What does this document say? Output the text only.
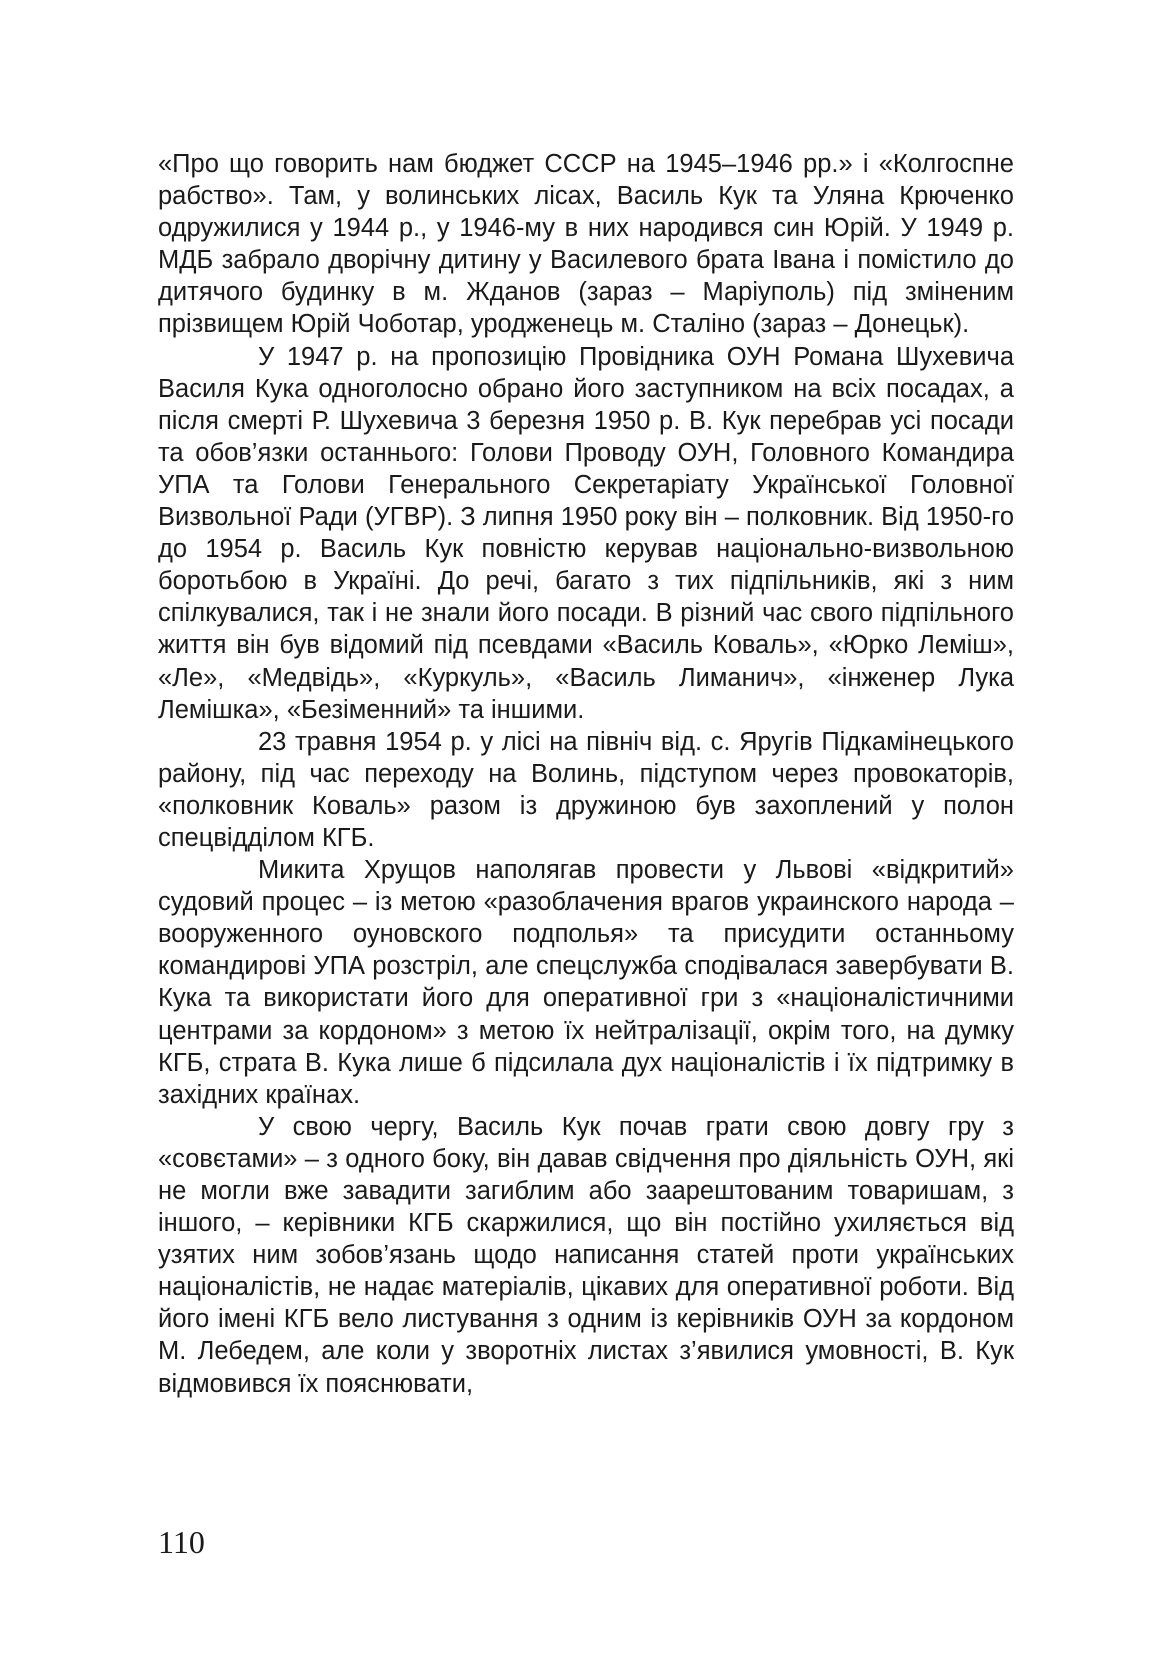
«Про що говорить нам бюджет СССР на 1945–1946 рр.» і «Колгоспне рабство». Там, у волинських лісах, Василь Кук та Уляна Крюченко одружилися у 1944 р., у 1946-му в них народився син Юрій. У 1949 р. МДБ забрало дворічну дитину у Василевого брата Івана і помістило до дитячого будинку в м. Жданов (зараз – Маріуполь) під зміненим прізвищем Юрій Чоботар, уродженець м. Сталіно (зараз – Донецьк).

У 1947 р. на пропозицію Провідника ОУН Романа Шухевича Василя Кука одноголосно обрано його заступником на всіх посадах, а після смерті Р. Шухевича 3 березня 1950 р. В. Кук перебрав усі посади та обов’язки останнього: Голови Проводу ОУН, Головного Командира УПА та Голови Генерального Секретаріату Української Головної Визвольної Ради (УГВР). З липня 1950 року він – полковник. Від 1950-го до 1954 р. Василь Кук повністю керував національно-визвольною боротьбою в Україні. До речі, багато з тих підпільників, які з ним спілкувалися, так і не знали його посади. В різний час свого підпільного життя він був відомий під псевдами «Василь Коваль», «Юрко Леміш», «Ле», «Медвідь», «Куркуль», «Василь Лиманич», «інженер Лука Лемішка», «Безіменний» та іншими.

23 травня 1954 р. у лісі на північ від. с. Яругів Підкамінецького району, під час переходу на Волинь, підступом через провокаторів, «полковник Коваль» разом із дружиною був захоплений у полон спецвідділом КГБ.

Микита Хрущов наполягав провести у Львові «відкритий» судовий процес – із метою «разоблачения врагов украинского народа – вооруженного оуновского подполья» та присудити останньому командирові УПА розстріл, але спецслужба сподівалася завербувати В. Кука та використати його для оперативної гри з «націоналістичними центрами за кордоном» з метою їх нейтралізації, окрім того, на думку КГБ, страта В. Кука лише б підсилала дух націоналістів і їх підтримку в західних країнах.

У свою чергу, Василь Кук почав грати свою довгу гру з «совєтами» – з одного боку, він давав свідчення про діяльність ОУН, які не могли вже завадити загиблим або заарештованим товаришам, з іншого, – керівники КГБ скаржилися, що він постійно ухиляється від узятих ним зобов’язань щодо написання статей проти українських націоналістів, не надає матеріалів, цікавих для оперативної роботи. Від його імені КГБ вело листування з одним із керівників ОУН за кордоном М. Лебедем, але коли у зворотніх листах з’явилися умовності, В. Кук відмовився їх пояснювати,

110
